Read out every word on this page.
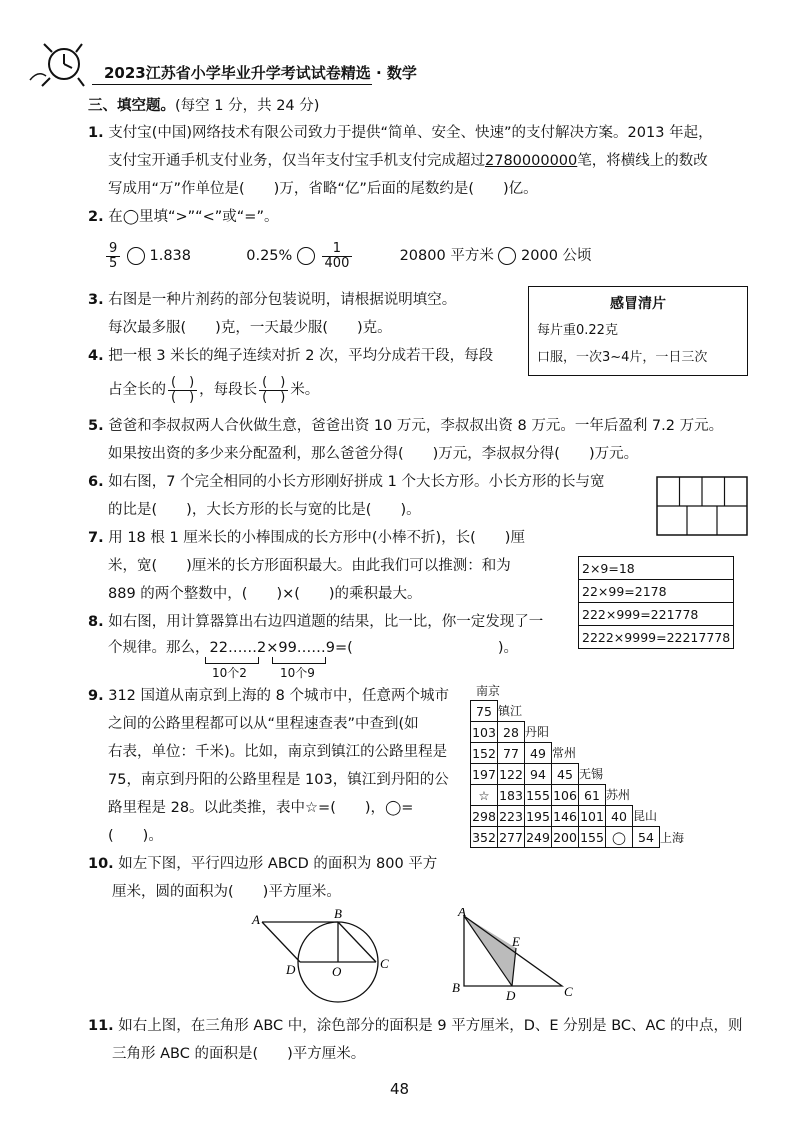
2023江苏省小学毕业升学考试试卷精选 · 数学
三、填空题。(每空 1 分，共 24 分)
1. 支付宝(中国)网络技术有限公司致力于提供“简单、安全、快速”的支付解决方案。2013 年起，
支付宝开通手机支付业务，仅当年支付宝手机支付完成超过2780000000笔，将横线上的数改
写成用“万”作单位是(　　)万，省略“亿”后面的尾数约是(　　)亿。
2. 在◯里填“>”“<”或“=”。
$\frac{9}{5} 1.838$	$0.25\% \frac{1}{400}$	20800 平方米 2000 公顷
3. 右图是一种片剂药的部分包装说明，请根据说明填空。
每次最多服(　　)克，一天最少服(　　)克。
感冒清片
每片重0.22克
口服，一次3~4片，一日三次
4. 把一根 3 米长的绳子连续对折 2 次，平均分成若干段，每段
占全长的 $\frac{( )}{( )}$ ，每段长 $\frac{( )}{( )}$ 米。
5. 爸爸和李叔叔两人合伙做生意，爸爸出资 10 万元，李叔叔出资 8 万元。一年后盈利 7.2 万元。
如果按出资的多少来分配盈利，那么爸爸分得(　　)万元，李叔叔分得(　　)万元。
6. 如右图，7 个完全相同的小长方形刚好拼成 1 个大长方形。小长方形的长与宽
的比是(　　)，大长方形的长与宽的比是(　　)。
7. 用 18 根 1 厘米长的小棒围成的长方形中(小棒不折)，长(　　)厘
米，宽(　　)厘米的长方形面积最大。由此我们可以推测：和为
889 的两个整数中，(　　)×(　　)的乘积最大。
2×9=18
22×99=2178
222×999=221778
2222×9999=22217778
8. 如右图，用计算器算出右边四道题的结果，比一比，你一定发现了一
个规律。那么，22……2×99……9=(　　　　　　　　　　)。
10个2	10个9
9. 312 国道从南京到上海的 8 个城市中，任意两个城市
之间的公路里程都可以从“里程速查表”中查到(如
右表，单位：千米)。比如，南京到镇江的公路里程是
75，南京到丹阳的公路里程是 103，镇江到丹阳的公
路里程是 28。以此类推，表中☆=(　　)，◯=
(　　)。
南京
75	镇江						
103	28	丹阳					
152	77	49	常州				
197	122	94	45	无锡			
☆	183	155	106	61	苏州		
298	223	195	146	101	40	昆山	
352	277	249	200	155	◯	54	上海
10. 如左下图，平行四边形 ABCD 的面积为 800 平方
厘米，圆的面积为(　　)平方厘米。
A	B
D	O
C
A
E
B
D	C
11. 如右上图，在三角形 ABC 中，涂色部分的面积是 9 平方厘米，D、E 分别是 BC、AC 的中点，则
三角形 ABC 的面积是(　　)平方厘米。
48
